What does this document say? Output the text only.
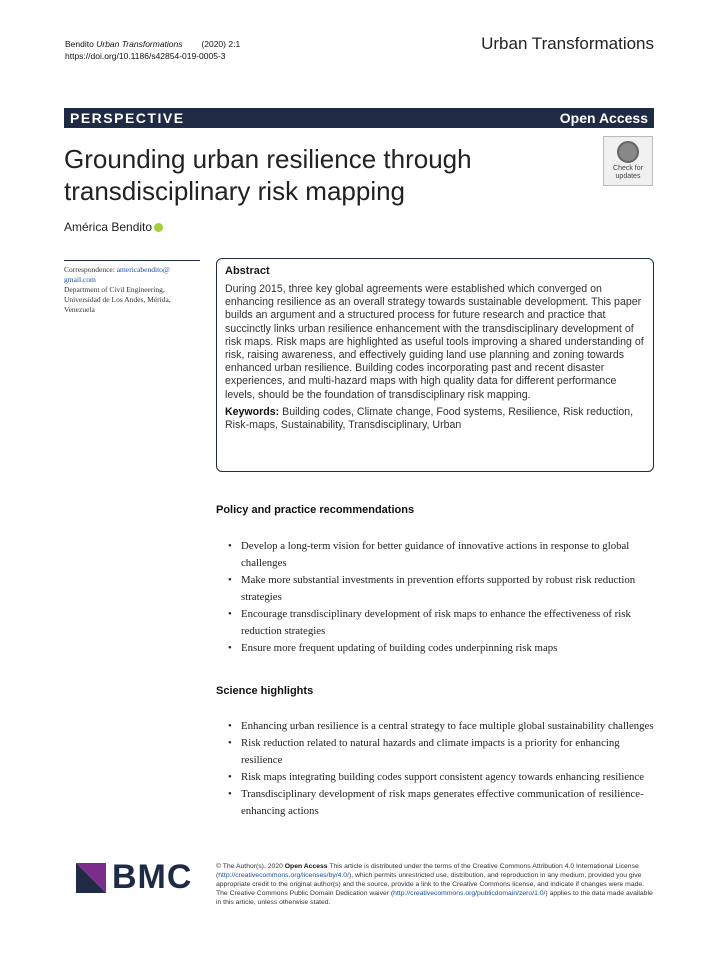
Bendito Urban Transformations (2020) 2:1
https://doi.org/10.1186/s42854-019-0005-3
Urban Transformations
PERSPECTIVE	Open Access
Grounding urban resilience through
transdisciplinary risk mapping
Check for
updates
América Bendito

Correspondence: americabendito@

gmail.com

Department of Civil Engineering,

Universidad de Los Andes, Mérida,

Venezuela

Abstract
During 2015, three key global agreements were established which converged on enhancing resilience as an overall strategy towards sustainable development. This paper builds an argument and a structured process for future research and practice that succinctly links urban resilience enhancement with the transdisciplinary development of risk maps. Risk maps are highlighted as useful tools improving a shared understanding of risk, raising awareness, and effectively guiding land use planning and zoning towards enhanced urban resilience. Building codes incorporating past and recent disaster experiences, and multi-hazard maps with high quality data for different performance levels, should be the foundation of transdisciplinary risk mapping.
Keywords: Building codes, Climate change, Food systems, Resilience, Risk reduction, Risk-maps, Sustainability, Transdisciplinary, Urban
Policy and practice recommendations
• Develop a long-term vision for better guidance of innovative actions in response to global challenges
• Make more substantial investments in prevention efforts supported by robust risk reduction strategies
• Encourage transdisciplinary development of risk maps to enhance the effectiveness of risk reduction strategies
• Ensure more frequent updating of building codes underpinning risk maps
Science highlights
• Enhancing urban resilience is a central strategy to face multiple global sustainability challenges
• Risk reduction related to natural hazards and climate impacts is a priority for enhancing resilience
• Risk maps integrating building codes support consistent agency towards enhancing resilience
• Transdisciplinary development of risk maps generates effective communication of resilience-enhancing actions
BMC	© The Author(s). 2020 Open Access This article is distributed under the terms of the Creative Commons Attribution 4.0 International License (http://creativecommons.org/licenses/by/4.0/), which permits unrestricted use, distribution, and reproduction in any medium, provided you give appropriate credit to the original author(s) and the source, provide a link to the Creative Commons license, and indicate if changes were made. The Creative Commons Public Domain Dedication waiver (http://creativecommons.org/publicdomain/zero/1.0/) applies to the data made available in this article, unless otherwise stated.
